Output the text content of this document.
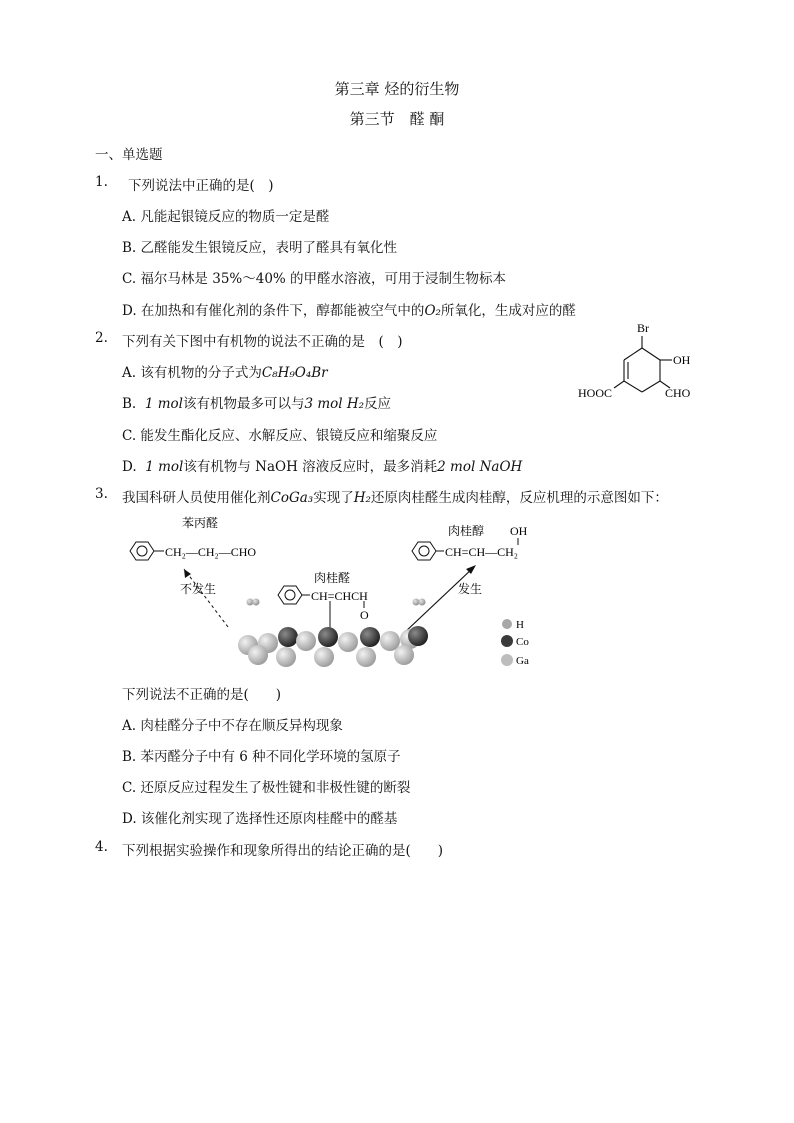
第三章 烃的衍生物
第三节　醛 酮
一、单选题
1. 下列说法中正确的是(　)
A. 凡能起银镜反应的物质一定是醛
B. 乙醛能发生银镜反应，表明了醛具有氧化性
C. 福尔马林是 35%～40% 的甲醛水溶液，可用于浸制生物标本
D. 在加热和有催化剂的条件下，醇都能被空气中的O₂所氧化，生成对应的醛
2. 下列有关下图中有机物的说法不正确的是　(　)
A. 该有机物的分子式为C₈H₉O₄Br
B. 1 mol该有机物最多可以与3 mol H₂反应
C. 能发生酯化反应、水解反应、银镜反应和缩聚反应
D. 1 mol该有机物与 NaOH 溶液反应时，最多消耗2 mol NaOH
Br
OH
HOOC	CHO
3. 我国科研人员使用催化剂CoGa₃实现了H₂还原肉桂醛生成肉桂醇，反应机理的示意图如下：
苯丙醛
CH₂—CH₂—CHO
不发生
肉桂醛
CH=CHCH
O
肉桂醇 OH
CH=CH—CH₂
发生
H
Co
Ga
下列说法不正确的是(　　)
A. 肉桂醛分子中不存在顺反异构现象
B. 苯丙醛分子中有 6 种不同化学环境的氢原子
C. 还原反应过程发生了极性键和非极性键的断裂
D. 该催化剂实现了选择性还原肉桂醛中的醛基
4. 下列根据实验操作和现象所得出的结论正确的是(　　)
